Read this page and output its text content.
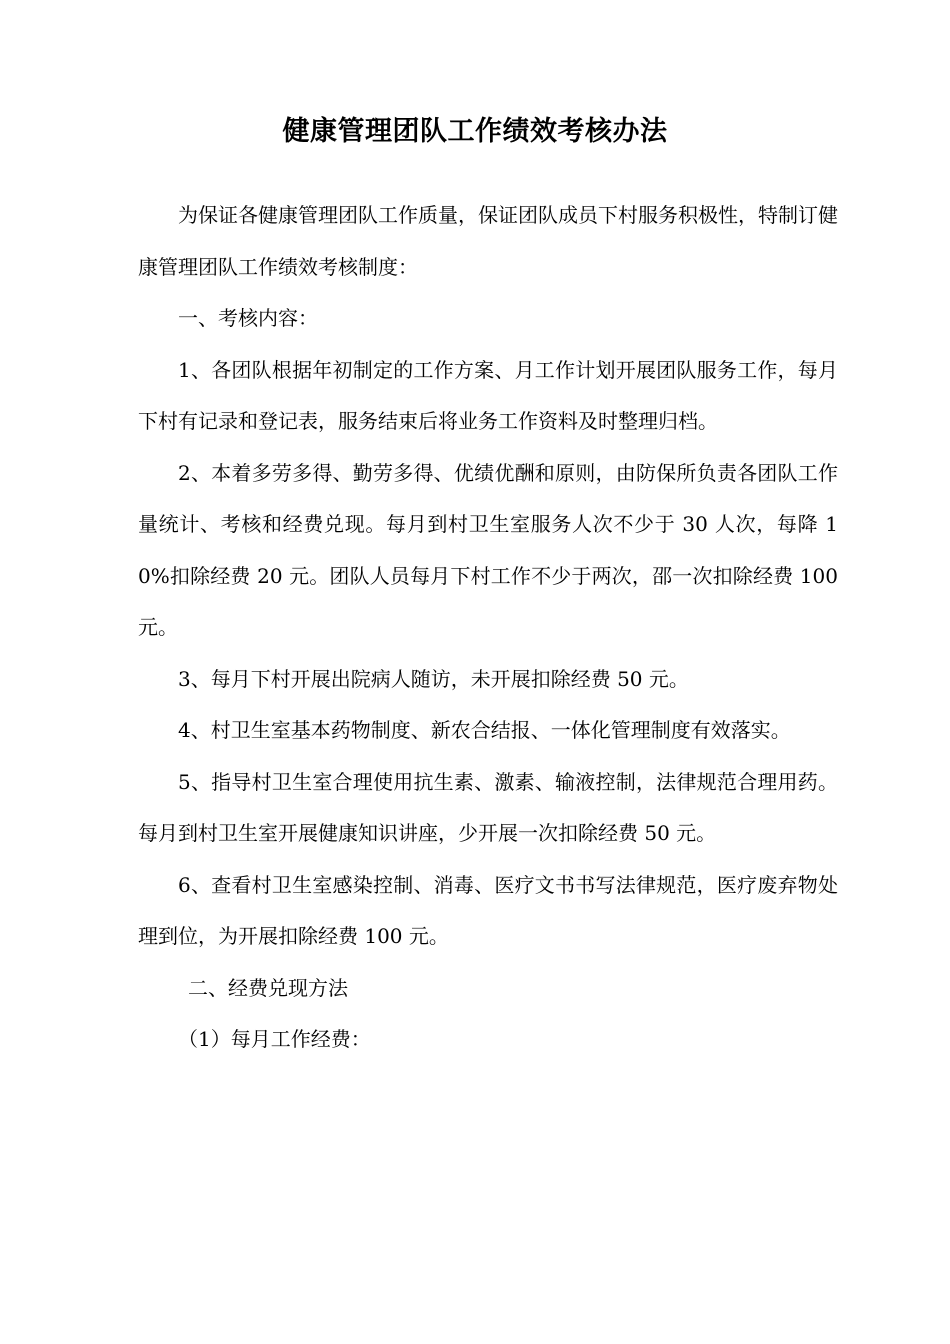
健康管理团队工作绩效考核办法

为保证各健康管理团队工作质量，保证团队成员下村服务积极性，特制订健康管理团队工作绩效考核制度：

一、考核内容：

1、各团队根据年初制定的工作方案、月工作计划开展团队服务工作，每月下村有记录和登记表，服务结束后将业务工作资料及时整理归档。

2、本着多劳多得、勤劳多得、优绩优酬和原则，由防保所负责各团队工作量统计、考核和经费兑现。每月到村卫生室服务人次不少于 30 人次，每降 10%扣除经费 20 元。团队人员每月下村工作不少于两次，邵一次扣除经费 100 元。

3、每月下村开展出院病人随访，未开展扣除经费 50 元。

4、村卫生室基本药物制度、新农合结报、一体化管理制度有效落实。

5、指导村卫生室合理使用抗生素、激素、输液控制，法律规范合理用药。每月到村卫生室开展健康知识讲座，少开展一次扣除经费 50 元。

6、查看村卫生室感染控制、消毒、医疗文书书写法律规范，医疗废弃物处理到位，为开展扣除经费 100 元。

二、经费兑现方法

（1）每月工作经费：
